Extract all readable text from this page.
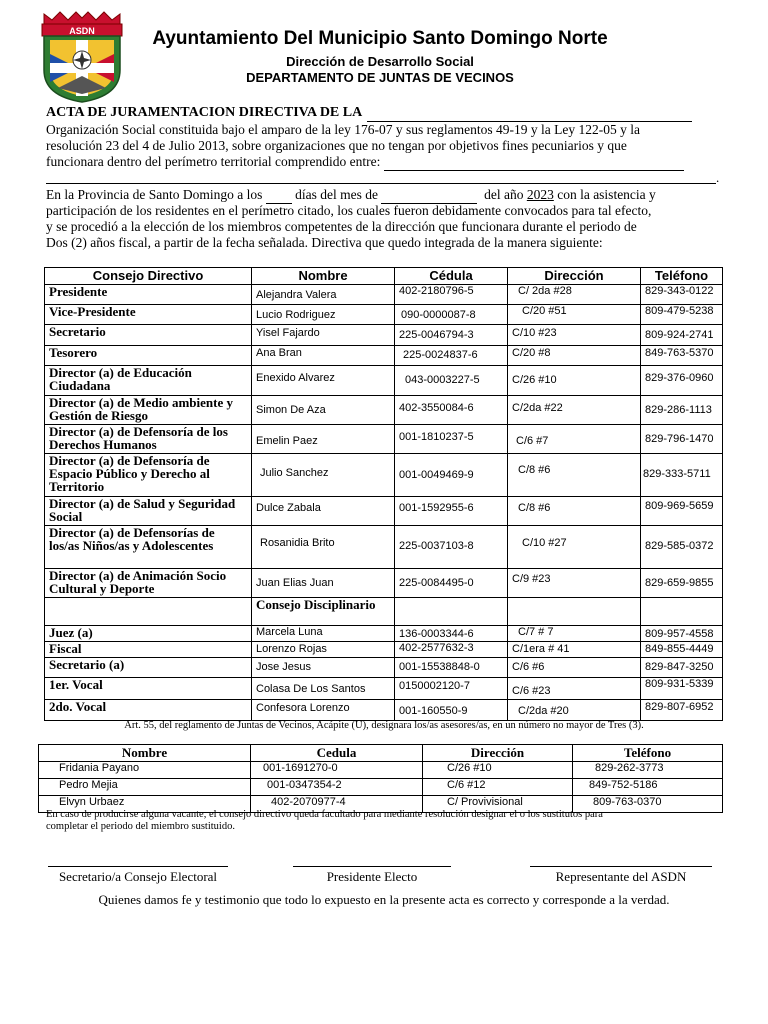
ASDN	Ayuntamiento Del Municipio Santo Domingo Norte
Dirección de Desarrollo Social
DEPARTAMENTO DE JUNTAS DE VECINOS
ACTA DE JURAMENTACION DIRECTIVA DE LA
Organización Social constituida bajo el amparo de la ley 176-07 y sus reglamentos 49-19 y la Ley 122-05 y la
resolución 23 del 4 de Julio 2013, sobre organizaciones que no tengan por objetivos fines pecuniarios y que
funcionara dentro del perímetro territorial comprendido entre:
.
En la Provincia de Santo Domingo a los días del mes de	del año 2023 con la asistencia y
participación de los residentes en el perímetro citado, los cuales fueron debidamente convocados para tal efecto,
y se procedió a la elección de los miembros competentes de la dirección que funcionara durante el periodo de
Dos (2) años fiscal, a partir de la fecha señalada. Directiva que quedo integrada de la manera siguiente:
Consejo Directivo	Nombre	Cédula	Dirección	Teléfono
Presidente	Alejandra Valera	402-2180796-5	C/ 2da #28	829-343-0122
Vice-Presidente	Lucio Rodriguez	090-0000087-8	C/20 #51	809-479-5238
Secretario	Yisel Fajardo	225-0046794-3	C/10 #23	809-924-2741
Tesorero	Ana Bran	225-0024837-6	C/20 #8	849-763-5370
Director (a) de Educación Ciudadana	Enexido Alvarez	043-0003227-5	C/26 #10	829-376-0960
Director (a) de Medio ambiente y Gestión de Riesgo	Simon De Aza	402-3550084-6	C/2da #22	829-286-1113
Director (a) de Defensoría de los Derechos Humanos	Emelin Paez	001-1810237-5	C/6 #7	829-796-1470
Director (a) de Defensoría de Espacio Público y Derecho al Territorio	Julio Sanchez	001-0049469-9	C/8 #6	829-333-5711
Director (a) de Salud y Seguridad Social	Dulce Zabala	001-1592955-6	C/8 #6	809-969-5659
Director (a) de Defensorías de los/as Niños/as y Adolescentes	Rosanidia Brito	225-0037103-8	C/10 #27	829-585-0372
Director (a) de Animación Socio Cultural y Deporte	Juan Elias Juan	225-0084495-0	C/9 #23	829-659-9855
	Consejo Disciplinario			
Juez (a)	Marcela Luna	136-0003344-6	C/7 # 7	809-957-4558
Fiscal	Lorenzo Rojas	402-2577632-3	C/1era # 41	849-855-4449
Secretario (a)	Jose Jesus	001-15538848-0	C/6 #6	829-847-3250
1er. Vocal	Colasa De Los Santos	0150002120-7	C/6 #23	809-931-5339
2do. Vocal	Confesora Lorenzo	001-160550-9	C/2da #20	829-807-6952
Art. 55, del reglamento de Juntas de Vecinos, Acápite (U), designara los/as asesores/as, en un número no mayor de Tres (3).
Nombre	Cedula	Dirección	Teléfono
Fridania Payano	001-1691270-0	C/26 #10	829-262-3773
Pedro Mejia	001-0347354-2	C/6 #12	849-752-5186
Elvyn Urbaez	402-2070977-4	C/ Provivisional	809-763-0370
En caso de producirse alguna vacante, el consejo directivo queda facultado para mediante resolución designar el o los sustitutos para
completar el periodo del miembro sustituido.
Secretario/a Consejo Electoral	Presidente Electo	Representante del ASDN
Quienes damos fe y testimonio que todo lo expuesto en la presente acta es correcto y corresponde a la verdad.
